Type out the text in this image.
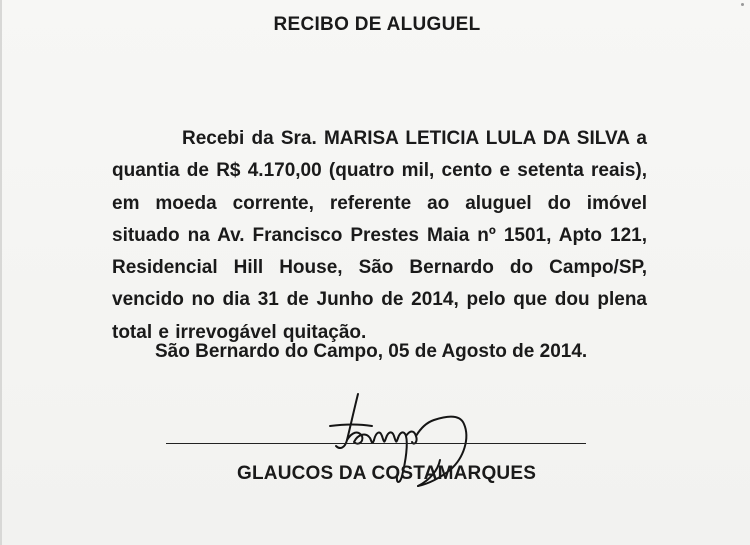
RECIBO DE ALUGUEL
Recebi da Sra. MARISA LETICIA LULA DA SILVA a quantia de R$ 4.170,00 (quatro mil, cento e setenta reais), em moeda corrente, referente ao aluguel do imóvel situado na Av. Francisco Prestes Maia nº 1501, Apto 121, Residencial Hill House, São Bernardo do Campo/SP, vencido no dia 31 de Junho de 2014, pelo que dou plena total e irrevogável quitação.
São Bernardo do Campo, 05 de Agosto de 2014.
GLAUCOS DA COSTAMARQUES
